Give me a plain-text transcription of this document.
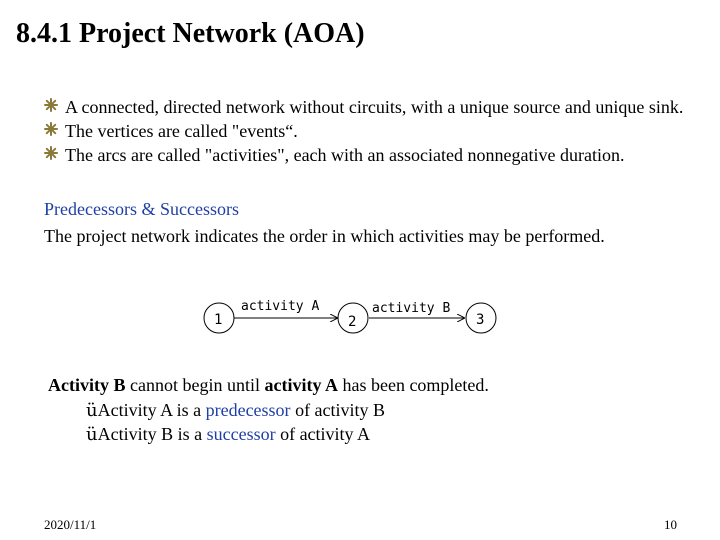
8.4.1 Project Network (AOA)
A connected, directed network without circuits, with a unique source and unique sink.
The vertices are called "events“.
The arcs are called "activities", each with an associated nonnegative duration.
Predecessors & Successors
The project network indicates the order in which activities may be performed.
1	2	3
activity A	activity B
Activity B cannot begin until activity A has been completed.
üActivity A is a predecessor of activity B
üActivity B is a successor of activity A
2020/11/1	10
